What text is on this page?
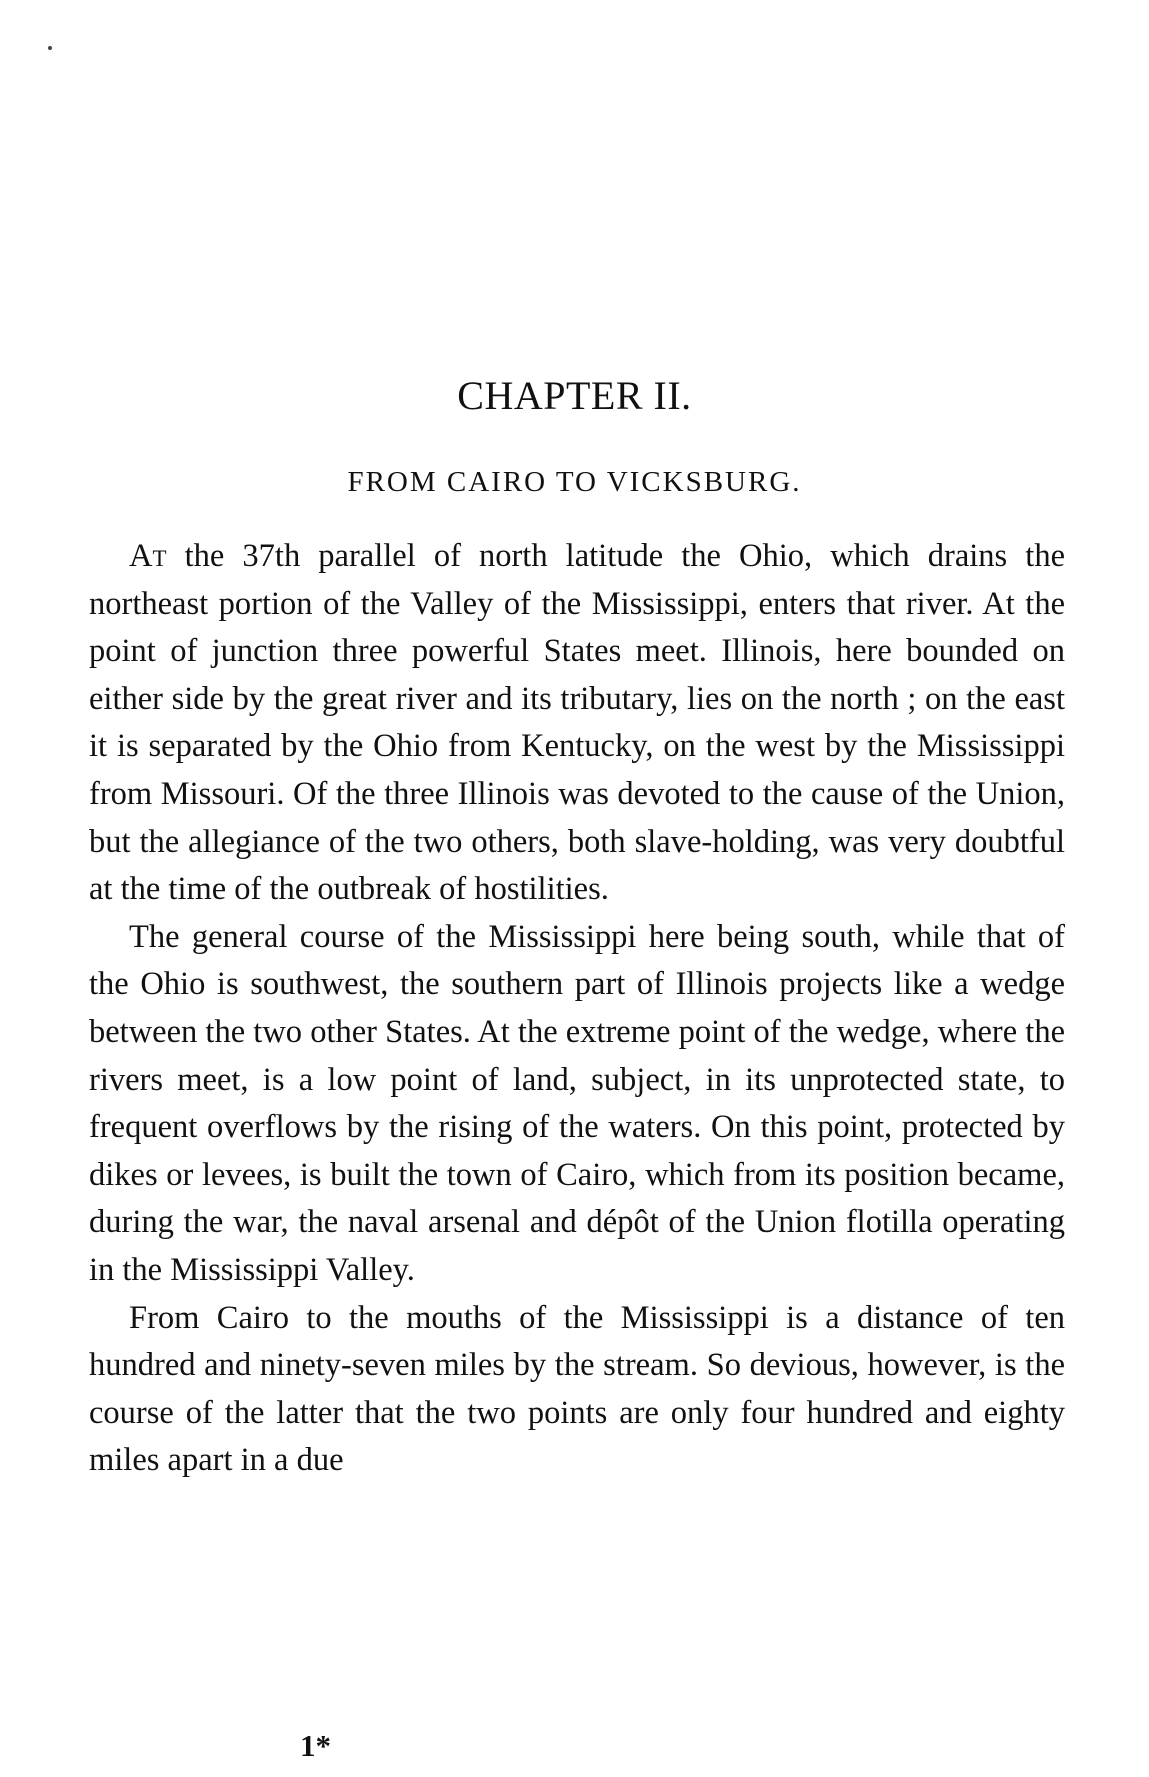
CHAPTER II.
FROM CAIRO TO VICKSBURG.

At the 37th parallel of north latitude the Ohio, which drains the northeast portion of the Valley of the Mississippi, enters that river. At the point of junction three powerful States meet. Illinois, here bounded on either side by the great river and its tributary, lies on the north ; on the east it is separated by the Ohio from Kentucky, on the west by the Mississippi from Missouri. Of the three Illinois was devoted to the cause of the Union, but the allegiance of the two others, both slave-holding, was very doubtful at the time of the outbreak of hostilities.

The general course of the Mississippi here being south, while that of the Ohio is southwest, the southern part of Illinois projects like a wedge between the two other States. At the extreme point of the wedge, where the rivers meet, is a low point of land, subject, in its unprotected state, to frequent overflows by the rising of the waters. On this point, protected by dikes or levees, is built the town of Cairo, which from its position became, during the war, the naval arsenal and dépôt of the Union flotilla operating in the Mississippi Valley.

From Cairo to the mouths of the Mississippi is a distance of ten hundred and ninety-seven miles by the stream. So devious, however, is the course of the latter that the two points are only four hundred and eighty miles apart in a due

1*
